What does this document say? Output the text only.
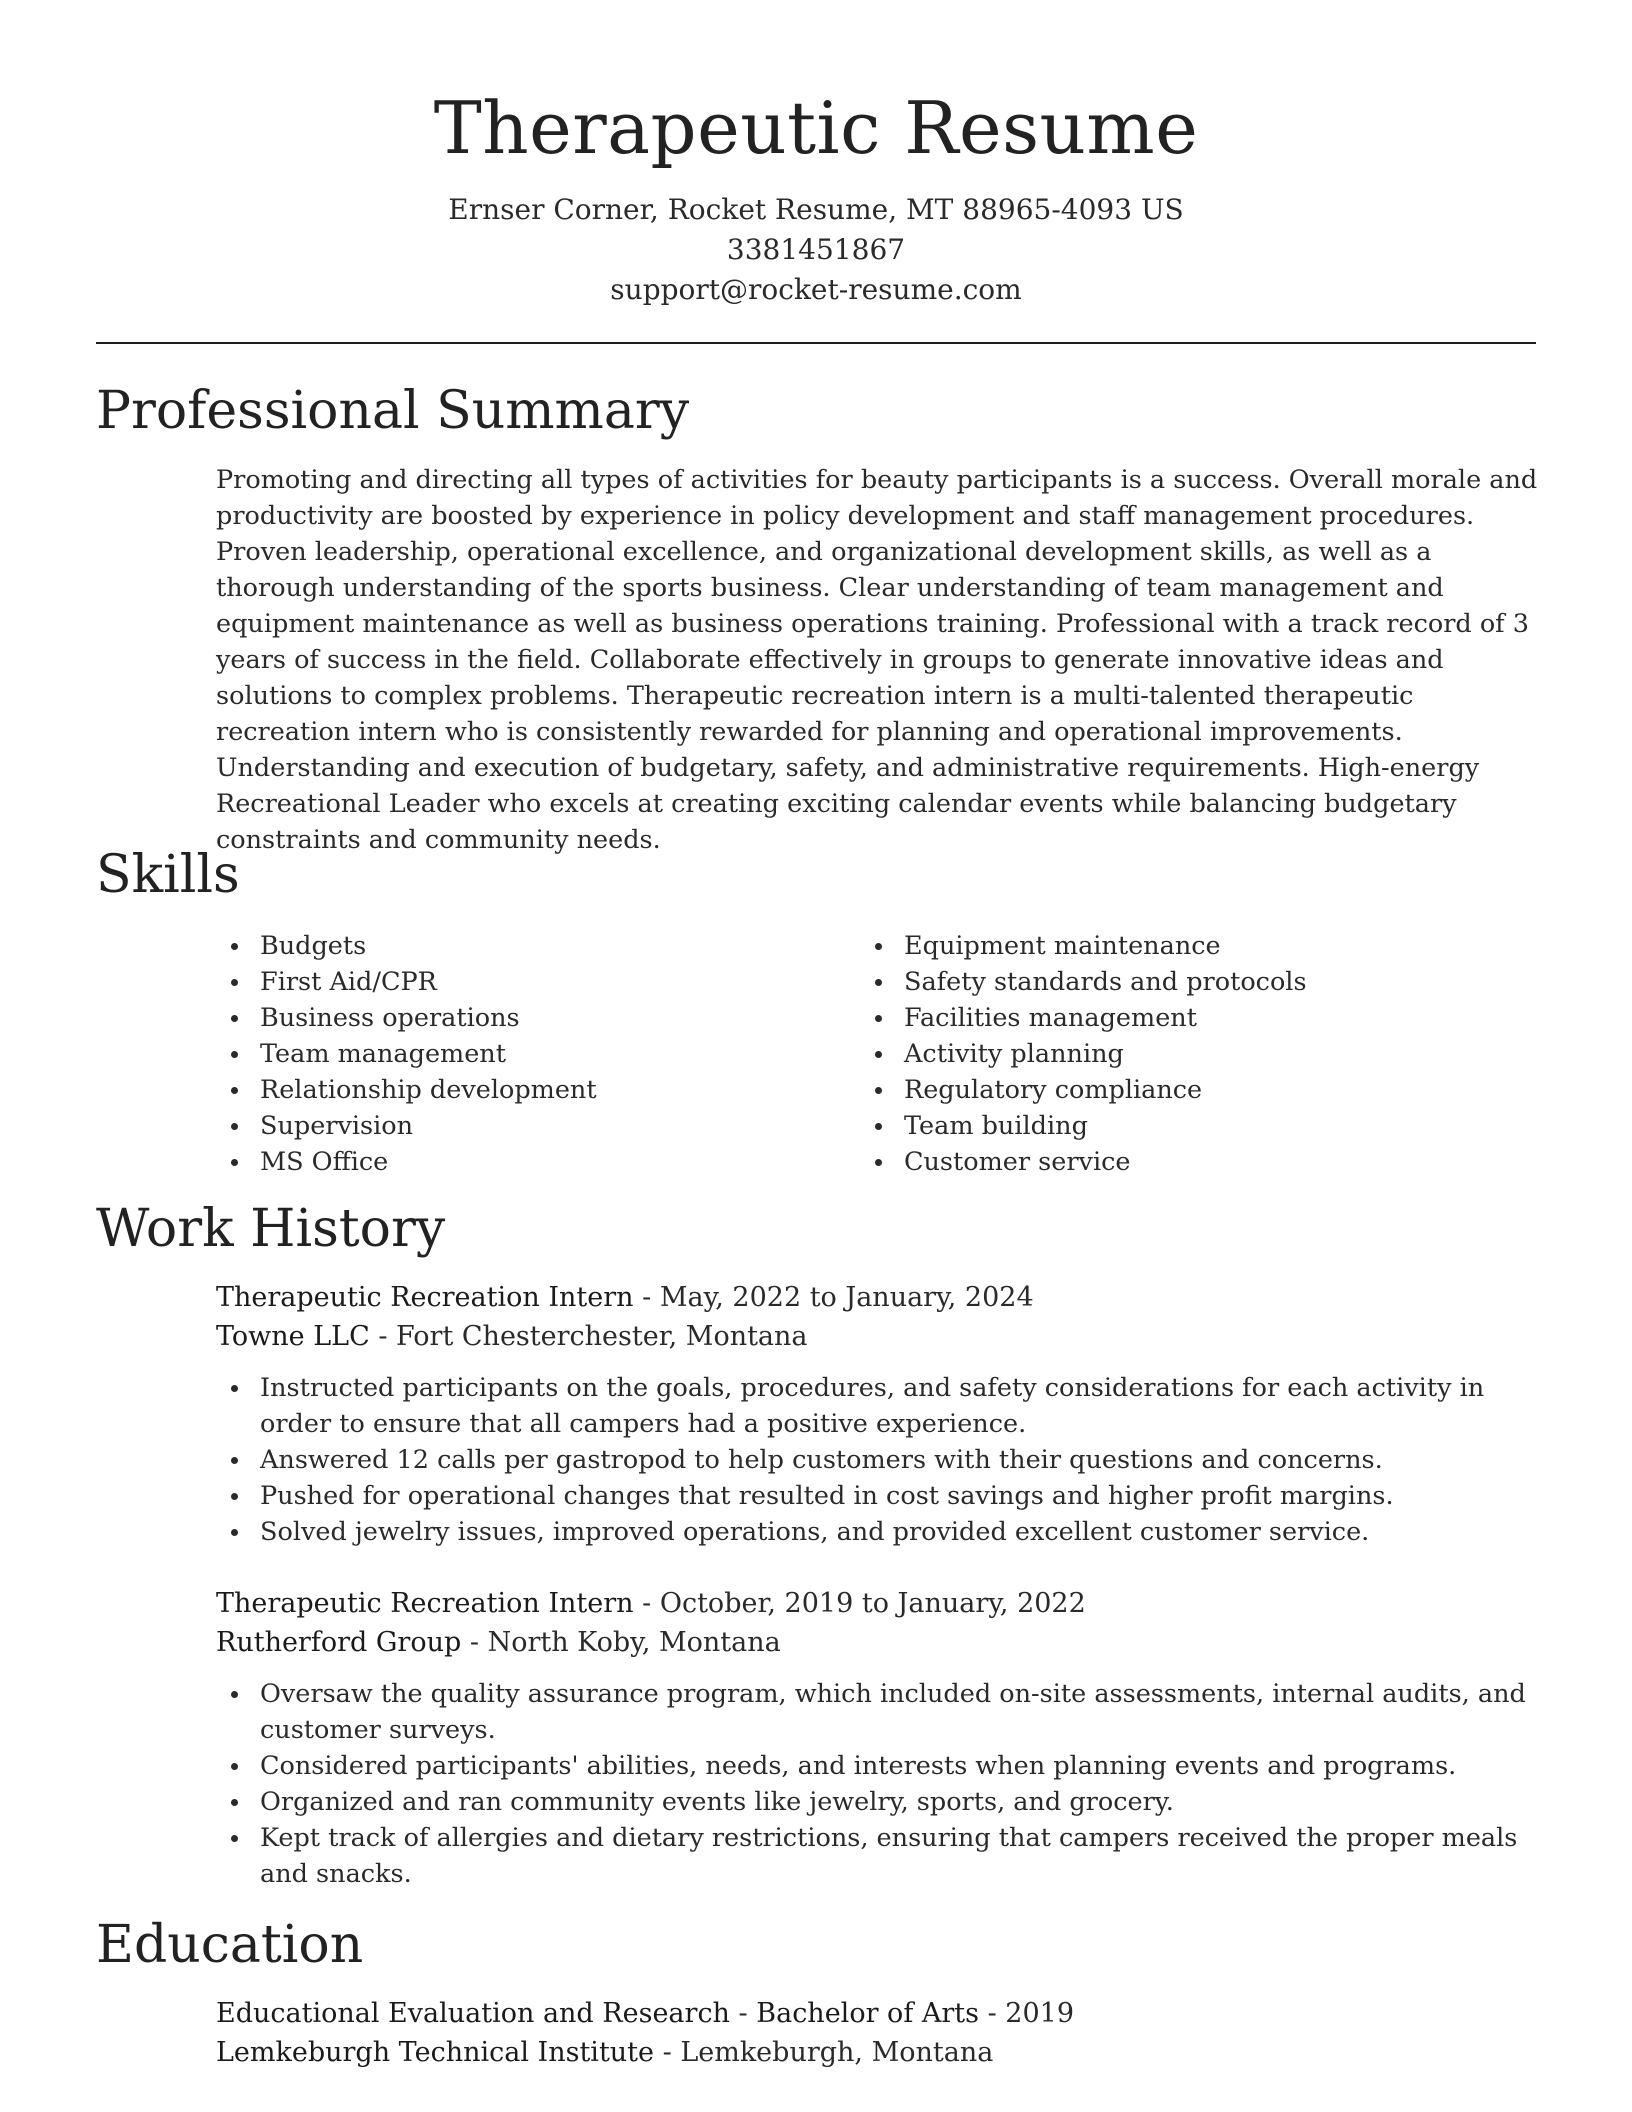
Therapeutic Resume
Ernser Corner, Rocket Resume, MT 88965-4093 US
3381451867
support@rocket-resume.com
Professional Summary

Promoting and directing all types of activities for beauty participants is a success. Overall morale and productivity are boosted by experience in policy development and staff management procedures. Proven leadership, operational excellence, and organizational development skills, as well as a thorough understanding of the sports business. Clear understanding of team management and equipment maintenance as well as business operations training. Professional with a track record of 3 years of success in the field. Collaborate effectively in groups to generate innovative ideas and solutions to complex problems. Therapeutic recreation intern is a multi-talented therapeutic recreation intern who is consistently rewarded for planning and operational improvements. Understanding and execution of budgetary, safety, and administrative requirements. High-energy Recreational Leader who excels at creating exciting calendar events while balancing budgetary constraints and community needs.

Skills
Budgets
First Aid/CPR
Business operations
Team management
Relationship development
Supervision
MS Office
Equipment maintenance
Safety standards and protocols
Facilities management
Activity planning
Regulatory compliance
Team building
Customer service
Work History
Therapeutic Recreation Intern - May, 2022 to January, 2024
Towne LLC - Fort Chesterchester, Montana
Instructed participants on the goals, procedures, and safety considerations for each activity in order to ensure that all campers had a positive experience.
Answered 12 calls per gastropod to help customers with their questions and concerns.
Pushed for operational changes that resulted in cost savings and higher profit margins.
Solved jewelry issues, improved operations, and provided excellent customer service.
Therapeutic Recreation Intern - October, 2019 to January, 2022
Rutherford Group - North Koby, Montana
Oversaw the quality assurance program, which included on-site assessments, internal audits, and customer surveys.
Considered participants' abilities, needs, and interests when planning events and programs.
Organized and ran community events like jewelry, sports, and grocery.
Kept track of allergies and dietary restrictions, ensuring that campers received the proper meals and snacks.
Education
Educational Evaluation and Research - Bachelor of Arts - 2019
Lemkeburgh Technical Institute - Lemkeburgh, Montana
